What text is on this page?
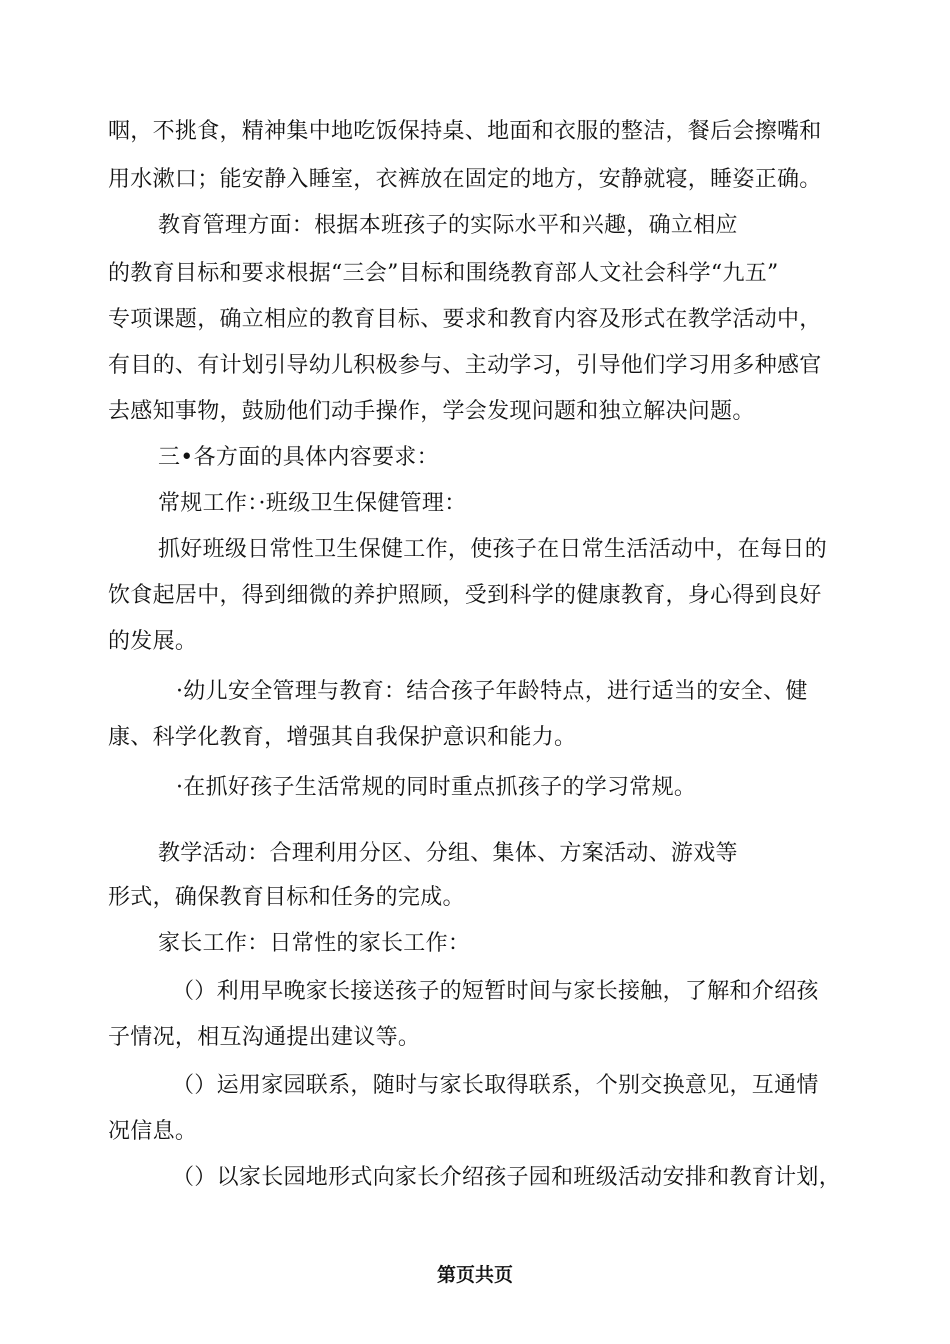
咽，不挑食，精神集中地吃饭保持桌、地面和衣服的整洁，餐后会擦嘴和
用水漱口；能安静入睡室，衣裤放在固定的地方，安静就寝，睡姿正确。
教育管理方面：根据本班孩子的实际水平和兴趣，确立相应
的教育目标和要求根据“三会”目标和围绕教育部人文社会科学“九五”
专项课题，确立相应的教育目标、要求和教育内容及形式在教学活动中，
有目的、有计划引导幼儿积极参与、主动学习，引导他们学习用多种感官
去感知事物，鼓励他们动手操作，学会发现问题和独立解决问题。
三•各方面的具体内容要求：
常规工作：·班级卫生保健管理：
抓好班级日常性卫生保健工作，使孩子在日常生活活动中，在每日的
饮食起居中，得到细微的养护照顾，受到科学的健康教育，身心得到良好
的发展。
·幼儿安全管理与教育：结合孩子年龄特点，进行适当的安全、健
康、科学化教育，增强其自我保护意识和能力。
·在抓好孩子生活常规的同时重点抓孩子的学习常规。
教学活动：合理利用分区、分组、集体、方案活动、游戏等
形式，确保教育目标和任务的完成。
家长工作：日常性的家长工作：
（）利用早晚家长接送孩子的短暂时间与家长接触，了解和介绍孩
子情况，相互沟通提出建议等。
（）运用家园联系，随时与家长取得联系，个别交换意见，互通情
况信息。
（）以家长园地形式向家长介绍孩子园和班级活动安排和教育计划，
第页共页
